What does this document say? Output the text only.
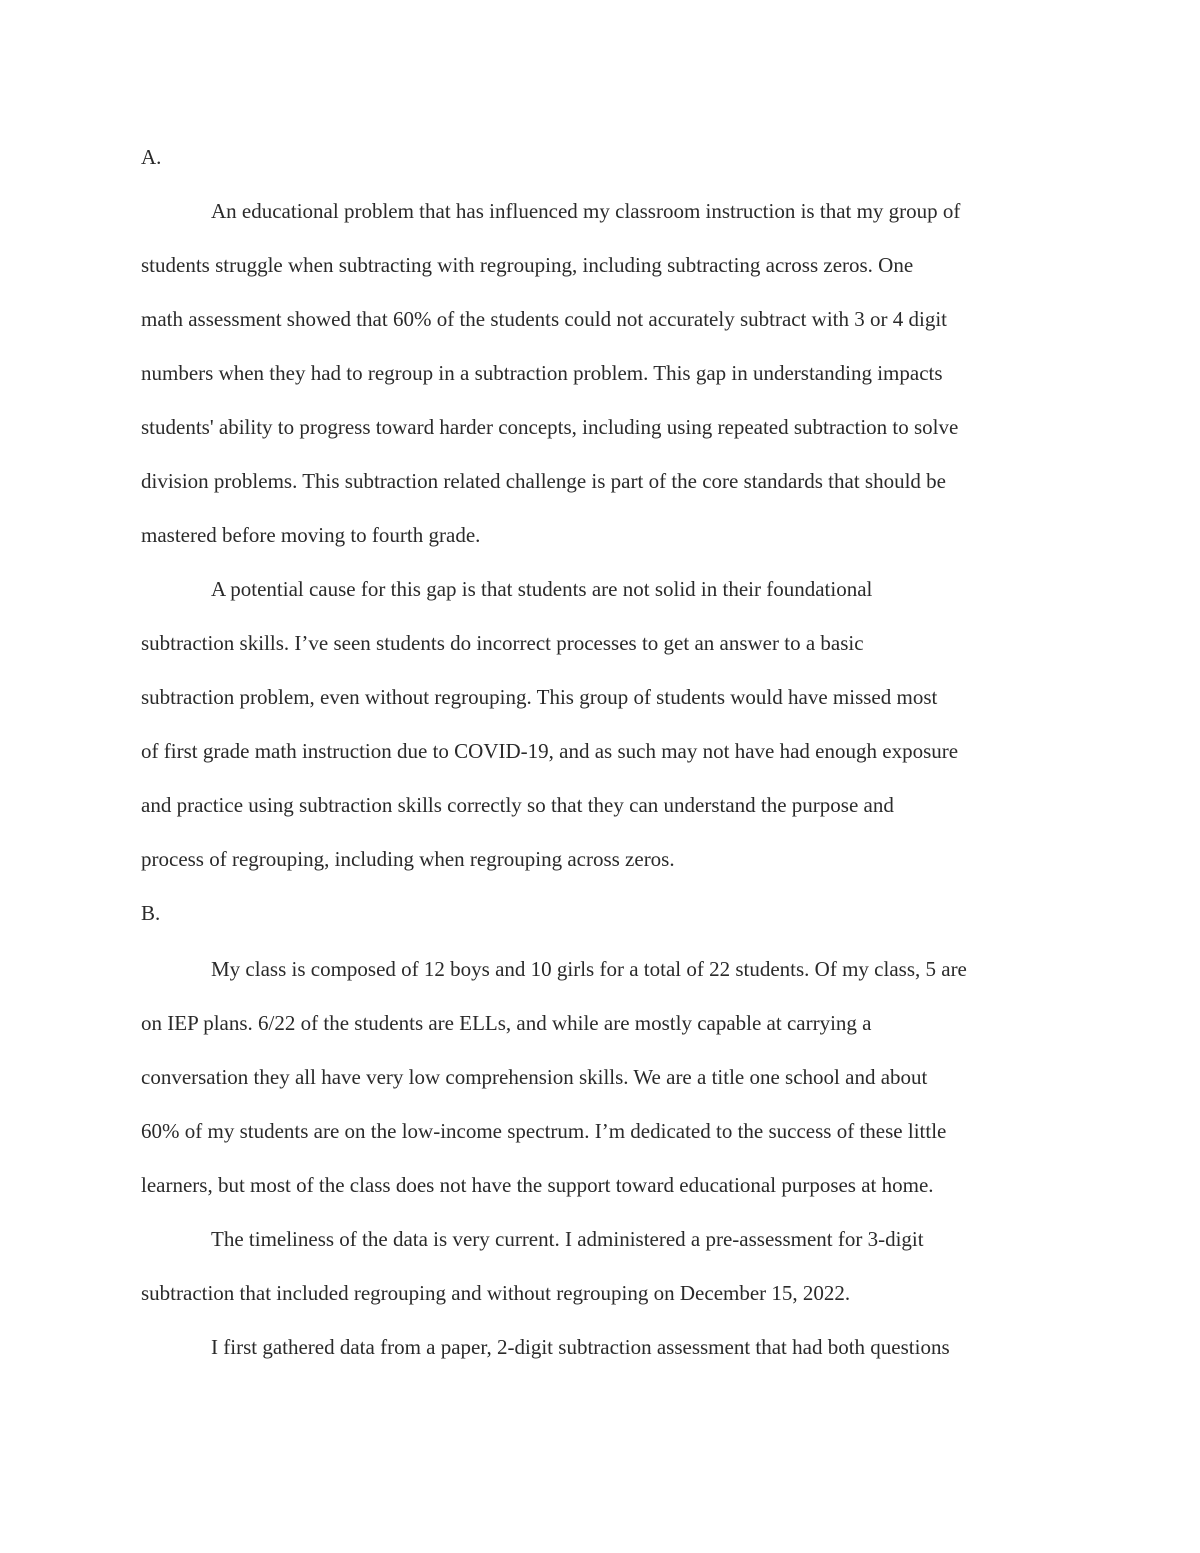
A.
An educational problem that has influenced my classroom instruction is that my group of
students struggle when subtracting with regrouping, including subtracting across zeros. One
math assessment showed that 60% of the students could not accurately subtract with 3 or 4 digit
numbers when they had to regroup in a subtraction problem. This gap in understanding impacts
students' ability to progress toward harder concepts, including using repeated subtraction to solve
division problems. This subtraction related challenge is part of the core standards that should be
mastered before moving to fourth grade.
A potential cause for this gap is that students are not solid in their foundational
subtraction skills. I’ve seen students do incorrect processes to get an answer to a basic
subtraction problem, even without regrouping. This group of students would have missed most
of first grade math instruction due to COVID-19, and as such may not have had enough exposure
and practice using subtraction skills correctly so that they can understand the purpose and
process of regrouping, including when regrouping across zeros.
B.
My class is composed of 12 boys and 10 girls for a total of 22 students. Of my class, 5 are
on IEP plans. 6/22 of the students are ELLs, and while are mostly capable at carrying a
conversation they all have very low comprehension skills. We are a title one school and about
60% of my students are on the low-income spectrum. I’m dedicated to the success of these little
learners, but most of the class does not have the support toward educational purposes at home.
The timeliness of the data is very current. I administered a pre-assessment for 3-digit
subtraction that included regrouping and without regrouping on December 15, 2022.
I first gathered data from a paper, 2-digit subtraction assessment that had both questions
